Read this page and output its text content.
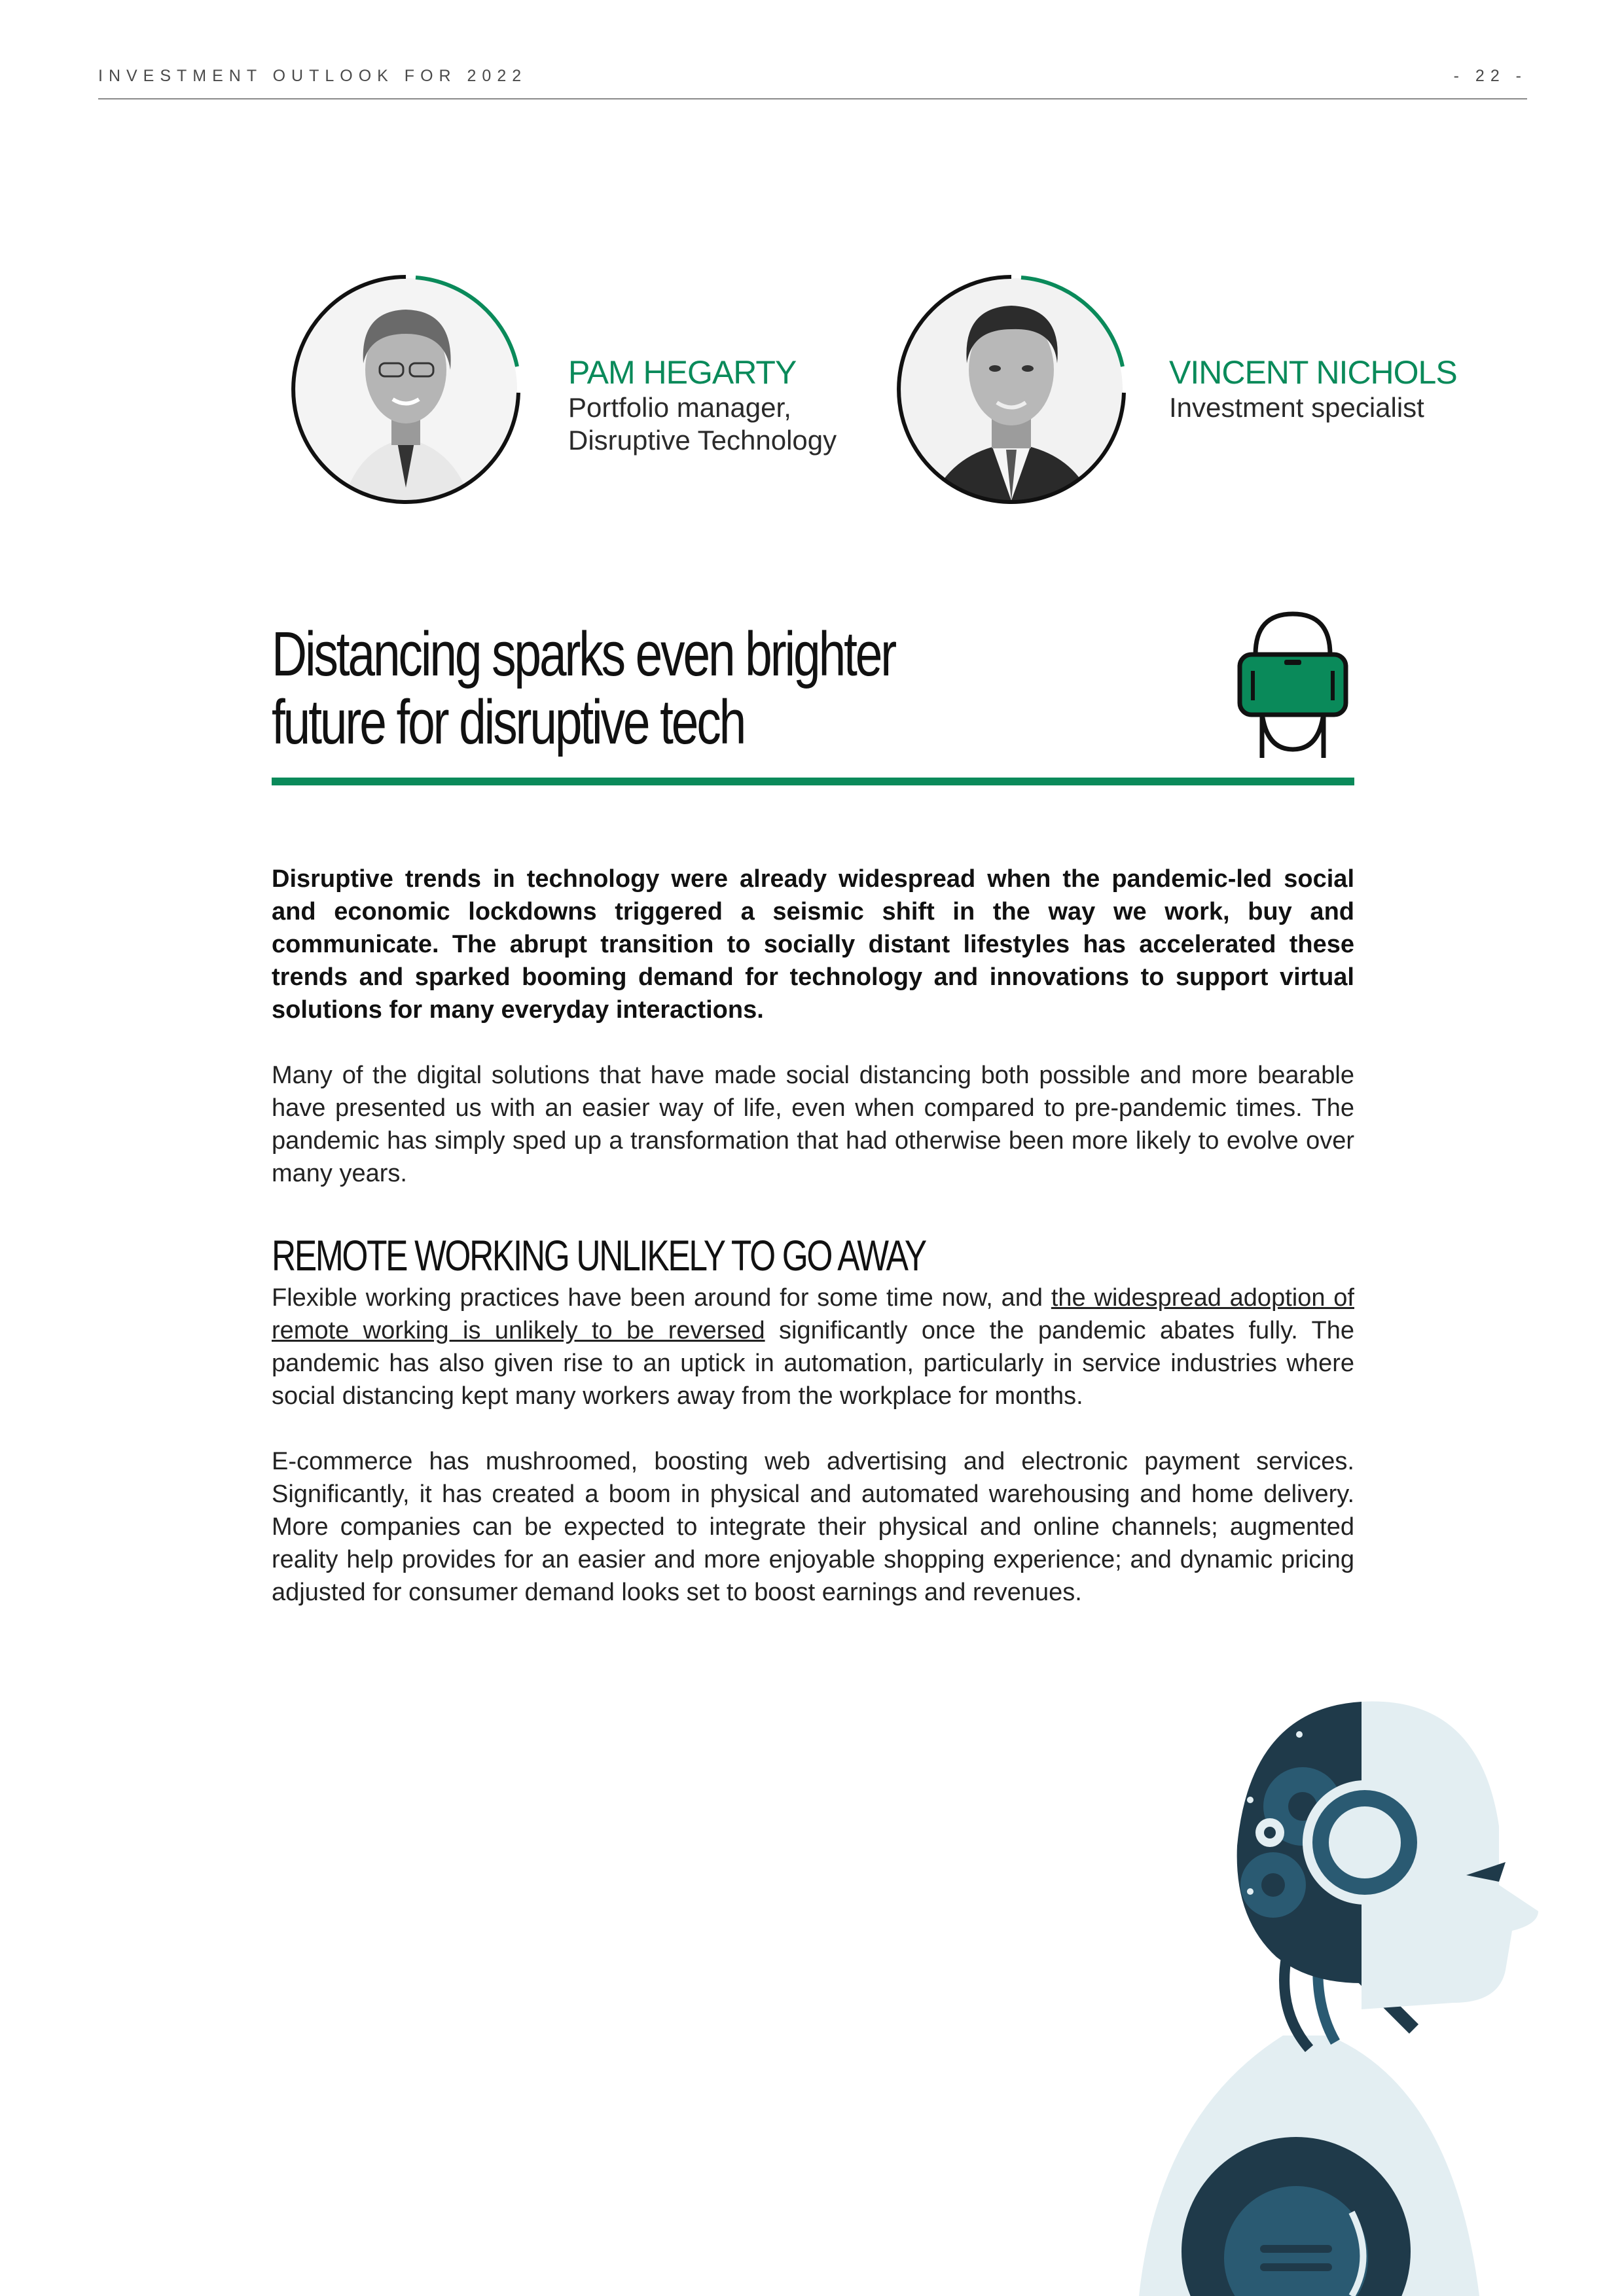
INVESTMENT OUTLOOK FOR 2022	- 22 -
PAM HEGARTY
Portfolio manager,
Disruptive Technology
VINCENT NICHOLS
Investment specialist
Distancing sparks even brighter
future for disruptive tech
Disruptive trends in technology were already widespread when the pandemic-led social and economic lockdowns triggered a seismic shift in the way we work, buy and communicate. The abrupt transition to socially distant lifestyles has accelerated these trends and sparked booming demand for technology and innovations to support virtual solutions for many everyday interactions.
Many of the digital solutions that have made social distancing both possible and more bearable have presented us with an easier way of life, even when compared to pre-pandemic times. The pandemic has simply sped up a transformation that had otherwise been more likely to evolve over many years.
REMOTE WORKING UNLIKELY TO GO AWAY
Flexible working practices have been around for some time now, and the widespread adoption of remote working is unlikely to be reversed significantly once the pandemic abates fully. The pandemic has also given rise to an uptick in automation, particularly in service industries where social distancing kept many workers away from the workplace for months.
E-commerce has mushroomed, boosting web advertising and electronic payment services. Significantly, it has created a boom in physical and automated warehousing and home delivery. More companies can be expected to integrate their physical and online channels; augmented reality help provides for an easier and more enjoyable shopping experience; and dynamic pricing adjusted for consumer demand looks set to boost earnings and revenues.
